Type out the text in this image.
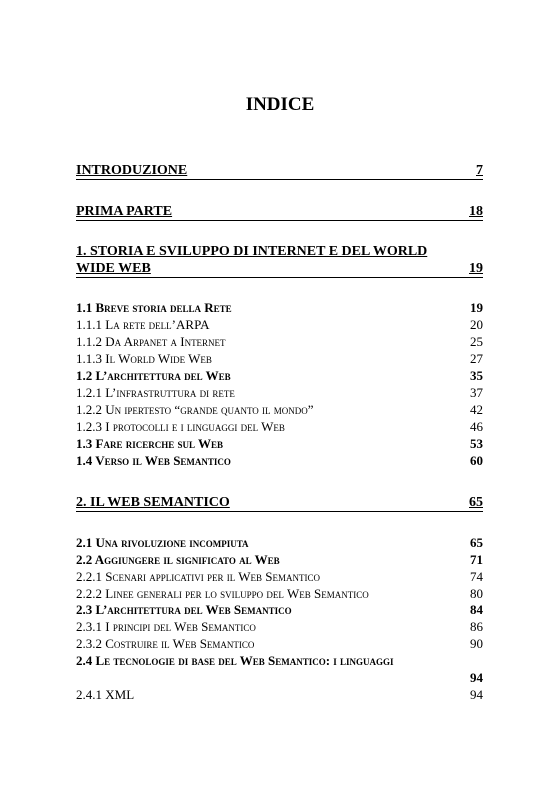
INDICE
INTRODUZIONE	7
PRIMA PARTE	18
1. STORIA E SVILUPPO DI INTERNET E DEL WORLD
WIDE WEB	19
1.1 Breve storia della Rete	19
1.1.1 La rete dell’ARPA	20
1.1.2 Da Arpanet a Internet	25
1.1.3 Il World Wide Web	27
1.2 L’architettura del Web	35
1.2.1 L’infrastruttura di rete	37
1.2.2 Un ipertesto “grande quanto il mondo”	42
1.2.3 I protocolli e i linguaggi del Web	46
1.3 Fare ricerche sul Web	53
1.4 Verso il Web Semantico	60
2. IL WEB SEMANTICO	65
2.1 Una rivoluzione incompiuta	65
2.2 Aggiungere il significato al Web	71
2.2.1 Scenari applicativi per il Web Semantico	74
2.2.2 Linee generali per lo sviluppo del Web Semantico	80
2.3 L’architettura del Web Semantico	84
2.3.1 I principi del Web Semantico	86
2.3.2 Costruire il Web Semantico	90
2.4 Le tecnologie di base del Web Semantico: i linguaggi
94
2.4.1 XML	94
